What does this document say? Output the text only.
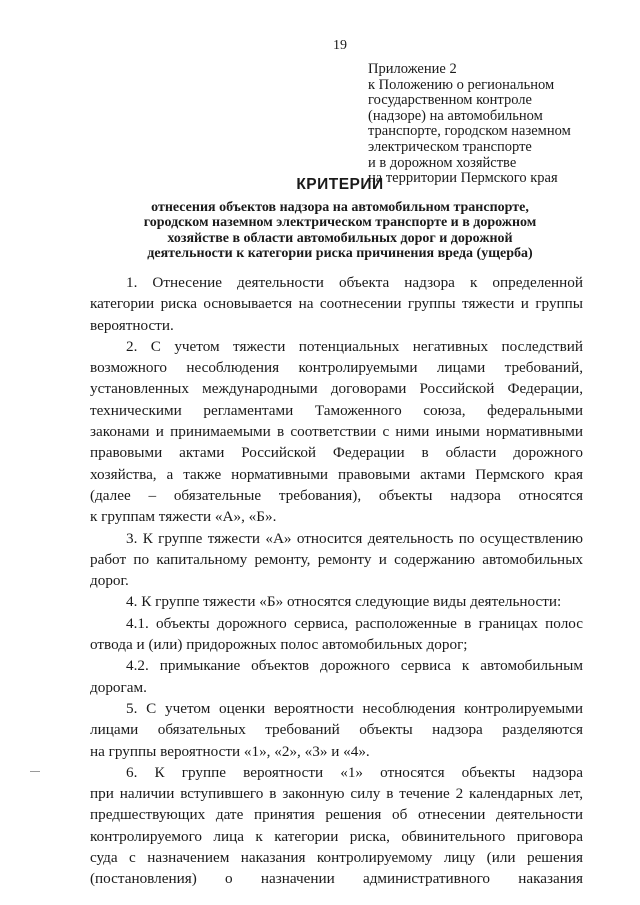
19
Приложение 2
к Положению о региональном
государственном контроле
(надзоре) на автомобильном
транспорте, городском наземном
электрическом транспорте
и в дорожном хозяйстве
на территории Пермского края
КРИТЕРИИ
отнесения объектов надзора на автомобильном транспорте,
городском наземном электрическом транспорте и в дорожном
хозяйстве в области автомобильных дорог и дорожной
деятельности к категории риска причинения вреда (ущерба)
1. Отнесение деятельности объекта надзора к определенной
категории риска основывается на соотнесении группы тяжести и группы
вероятности.
2. С учетом тяжести потенциальных негативных последствий
возможного несоблюдения контролируемыми лицами требований,
установленных международными договорами Российской Федерации,
техническими регламентами Таможенного союза, федеральными
законами и принимаемыми в соответствии с ними иными нормативными
правовыми актами Российской Федерации в области дорожного
хозяйства, а также нормативными правовыми актами Пермского края
(далее – обязательные требования), объекты надзора относятся
к группам тяжести «А», «Б».
3. К группе тяжести «А» относится деятельность по осуществлению
работ по капитальному ремонту, ремонту и содержанию автомобильных
дорог.
4. К группе тяжести «Б» относятся следующие виды деятельности:
4.1. объекты дорожного сервиса, расположенные в границах полос
отвода и (или) придорожных полос автомобильных дорог;
4.2. примыкание объектов дорожного сервиса к автомобильным
дорогам.
5. С учетом оценки вероятности несоблюдения контролируемыми
лицами обязательных требований объекты надзора разделяются
на группы вероятности «1», «2», «3» и «4».
6. К группе вероятности «1» относятся объекты надзора
при наличии вступившего в законную силу в течение 2 календарных лет,
предшествующих дате принятия решения об отнесении деятельности
контролируемого лица к категории риска, обвинительного приговора
суда с назначением наказания контролируемому лицу (или решения
(постановления) о назначении административного наказания
